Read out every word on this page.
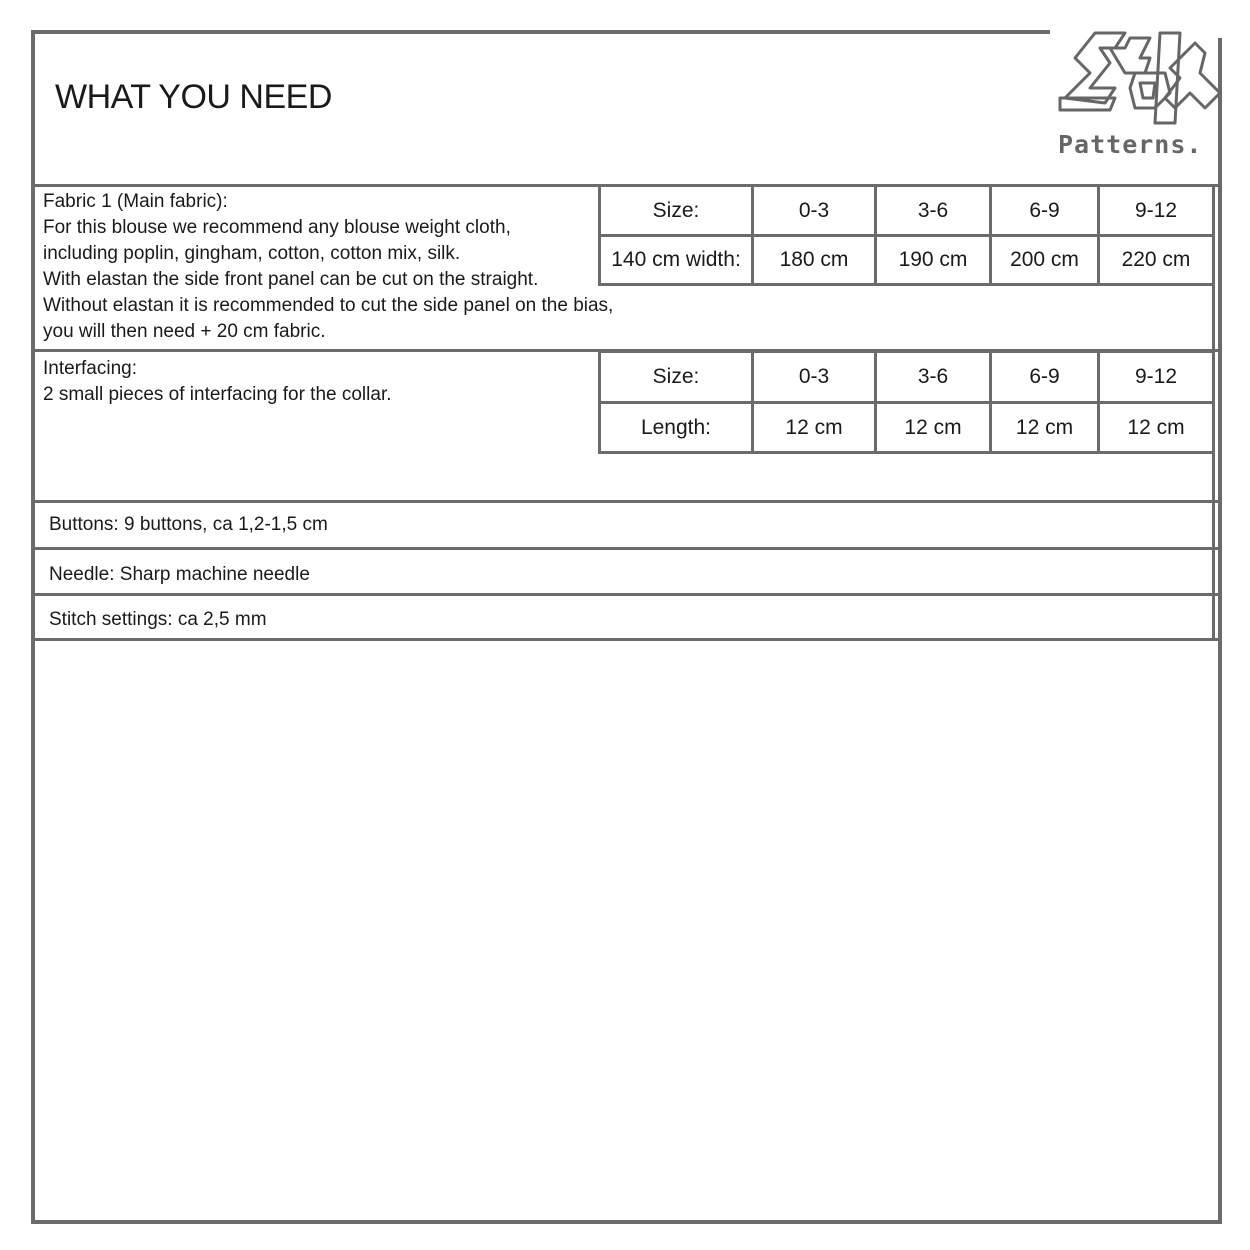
WHAT YOU NEED
Patterns.
Fabric 1 (Main fabric):
For this blouse we recommend any blouse weight cloth,
including poplin, gingham, cotton, cotton mix, silk.
With elastan the side front panel can be cut on the straight.
Without elastan it is recommended to cut the side panel on the bias,
you will then need + 20 cm fabric.
Size:	0-3	3-6	6-9	9-12
140 cm width:	180 cm	190 cm	200 cm	220 cm
Interfacing:
2 small pieces of interfacing for the collar.
Size:	0-3	3-6	6-9	9-12
Length:	12 cm	12 cm	12 cm	12 cm
Buttons: 9 buttons, ca 1,2-1,5 cm
Needle: Sharp machine needle
Stitch settings: ca 2,5 mm
